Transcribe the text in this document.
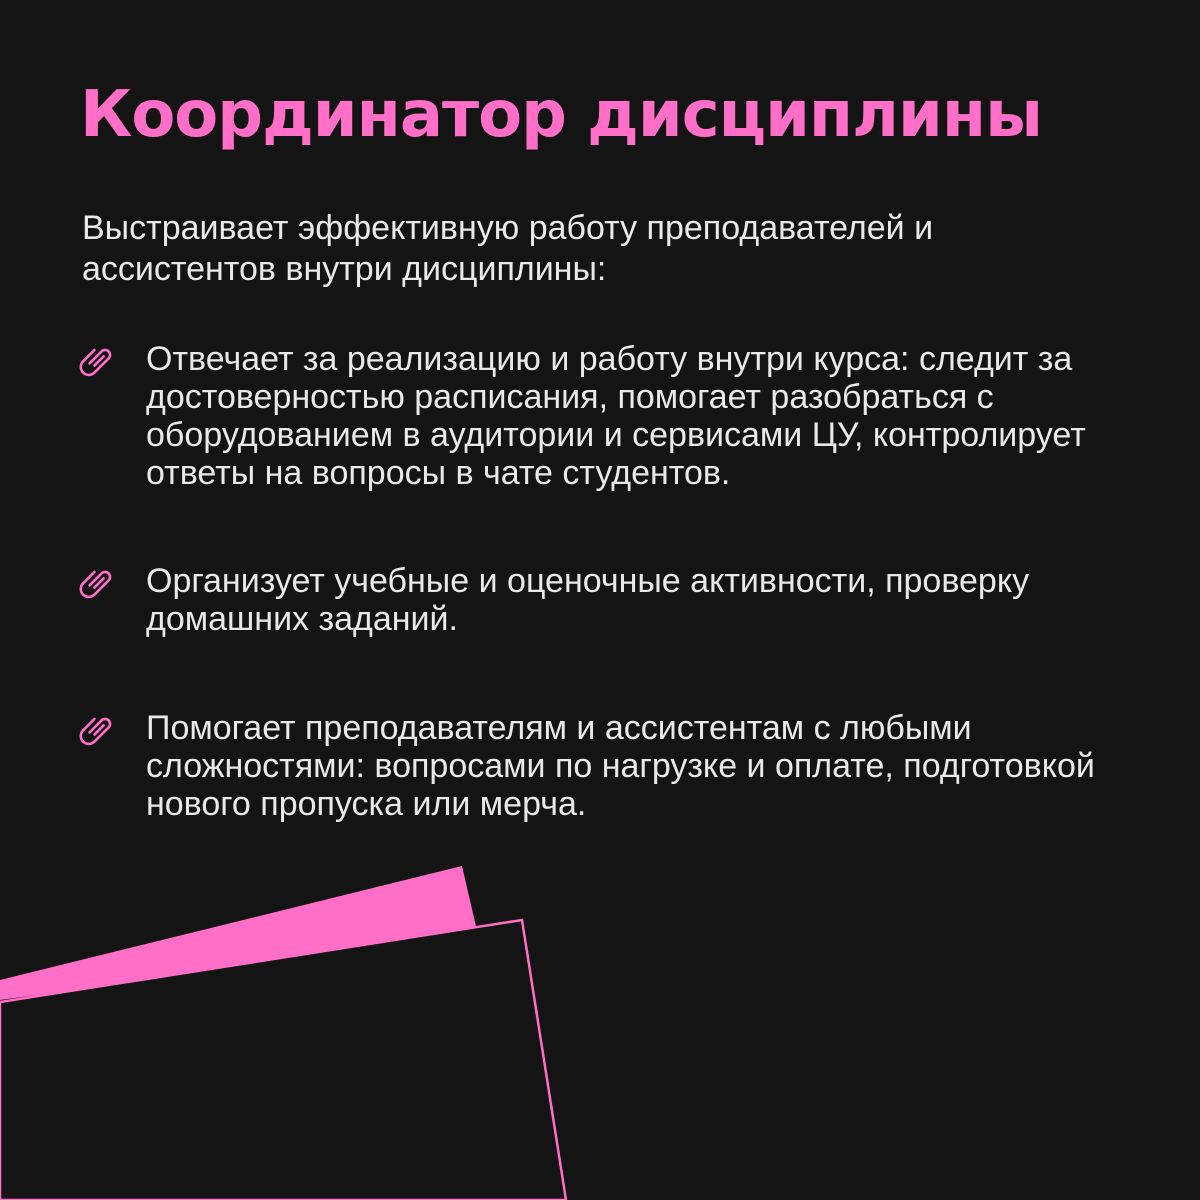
Координатор дисциплины

Выстраивает эффективную работу преподавателей и ассистентов внутри дисциплины:

Отвечает за реализацию и работу внутри курса: следит за достоверностью расписания, помогает разобраться с оборудованием в аудитории и сервисами ЦУ, контролирует ответы на вопросы в чате студентов.
Организует учебные и оценочные активности, проверку домашних заданий.
Помогает преподавателям и ассистентам с любыми сложностями: вопросами по нагрузке и оплате, подготовкой нового пропуска или мерча.
